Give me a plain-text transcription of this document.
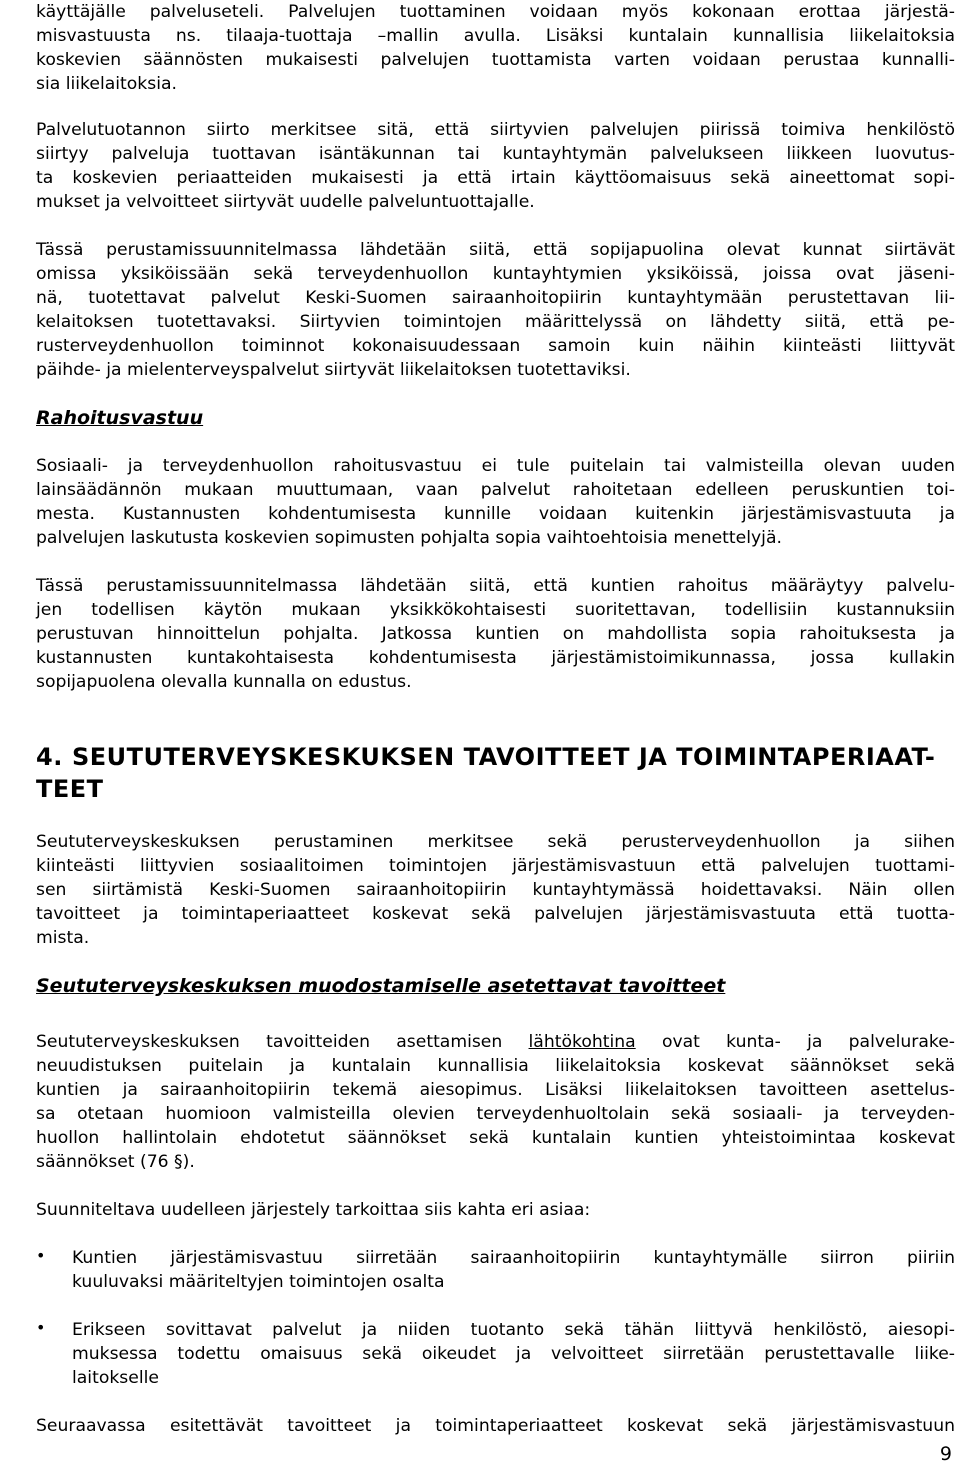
käyttäjälle palveluseteli. Palvelujen tuottaminen voidaan myös kokonaan erottaa järjestä-
misvastuusta ns. tilaaja-tuottaja –mallin avulla. Lisäksi kuntalain kunnallisia liikelaitoksia
koskevien säännösten mukaisesti palvelujen tuottamista varten voidaan perustaa kunnalli-
sia liikelaitoksia.
Palvelutuotannon siirto merkitsee sitä, että siirtyvien palvelujen piirissä toimiva henkilöstö
siirtyy palveluja tuottavan isäntäkunnan tai kuntayhtymän palvelukseen liikkeen luovutus-
ta koskevien periaatteiden mukaisesti ja että irtain käyttöomaisuus sekä aineettomat sopi-
mukset ja velvoitteet siirtyvät uudelle palveluntuottajalle.
Tässä perustamissuunnitelmassa lähdetään siitä, että sopijapuolina olevat kunnat siirtävät
omissa yksiköissään sekä terveydenhuollon kuntayhtymien yksiköissä, joissa ovat jäseni-
nä, tuotettavat palvelut Keski-Suomen sairaanhoitopiirin kuntayhtymään perustettavan lii-
kelaitoksen tuotettavaksi. Siirtyvien toimintojen määrittelyssä on lähdetty siitä, että pe-
rusterveydenhuollon toiminnot kokonaisuudessaan samoin kuin näihin kiinteästi liittyvät
päihde- ja mielenterveyspalvelut siirtyvät liikelaitoksen tuotettaviksi.
Rahoitusvastuu
Sosiaali- ja terveydenhuollon rahoitusvastuu ei tule puitelain tai valmisteilla olevan uuden
lainsäädännön mukaan muuttumaan, vaan palvelut rahoitetaan edelleen peruskuntien toi-
mesta. Kustannusten kohdentumisesta kunnille voidaan kuitenkin järjestämisvastuuta ja
palvelujen laskutusta koskevien sopimusten pohjalta sopia vaihtoehtoisia menettelyjä.
Tässä perustamissuunnitelmassa lähdetään siitä, että kuntien rahoitus määräytyy palvelu-
jen todellisen käytön mukaan yksikkökohtaisesti suoritettavan, todellisiin kustannuksiin
perustuvan hinnoittelun pohjalta. Jatkossa kuntien on mahdollista sopia rahoituksesta ja
kustannusten kuntakohtaisesta kohdentumisesta järjestämistoimikunnassa, jossa kullakin
sopijapuolena olevalla kunnalla on edustus.
4. SEUTUTERVEYSKESKUKSEN TAVOITTEET JA TOIMINTAPERIAAT-
TEET
Seututerveyskeskuksen perustaminen merkitsee sekä perusterveydenhuollon ja siihen
kiinteästi liittyvien sosiaalitoimen toimintojen järjestämisvastuun että palvelujen tuottami-
sen siirtämistä Keski-Suomen sairaanhoitopiirin kuntayhtymässä hoidettavaksi. Näin ollen
tavoitteet ja toimintaperiaatteet koskevat sekä palvelujen järjestämisvastuuta että tuotta-
mista.
Seututerveyskeskuksen muodostamiselle asetettavat tavoitteet
Seututerveyskeskuksen tavoitteiden asettamisen lähtökohtina ovat kunta- ja palvelurake-
neuudistuksen puitelain ja kuntalain kunnallisia liikelaitoksia koskevat säännökset sekä
kuntien ja sairaanhoitopiirin tekemä aiesopimus. Lisäksi liikelaitoksen tavoitteen asettelus-
sa otetaan huomioon valmisteilla olevien terveydenhuoltolain sekä sosiaali- ja terveyden-
huollon hallintolain ehdotetut säännökset sekä kuntalain kuntien yhteistoimintaa koskevat
säännökset (76 §).
Suunniteltava uudelleen järjestely tarkoittaa siis kahta eri asiaa:
• Kuntien järjestämisvastuu siirretään sairaanhoitopiirin kuntayhtymälle siirron piiriin
kuuluvaksi määriteltyjen toimintojen osalta
• Erikseen sovittavat palvelut ja niiden tuotanto sekä tähän liittyvä henkilöstö, aiesopi-
muksessa todettu omaisuus sekä oikeudet ja velvoitteet siirretään perustettavalle liike-
laitokselle
Seuraavassa esitettävät tavoitteet ja toimintaperiaatteet koskevat sekä järjestämisvastuun
9
